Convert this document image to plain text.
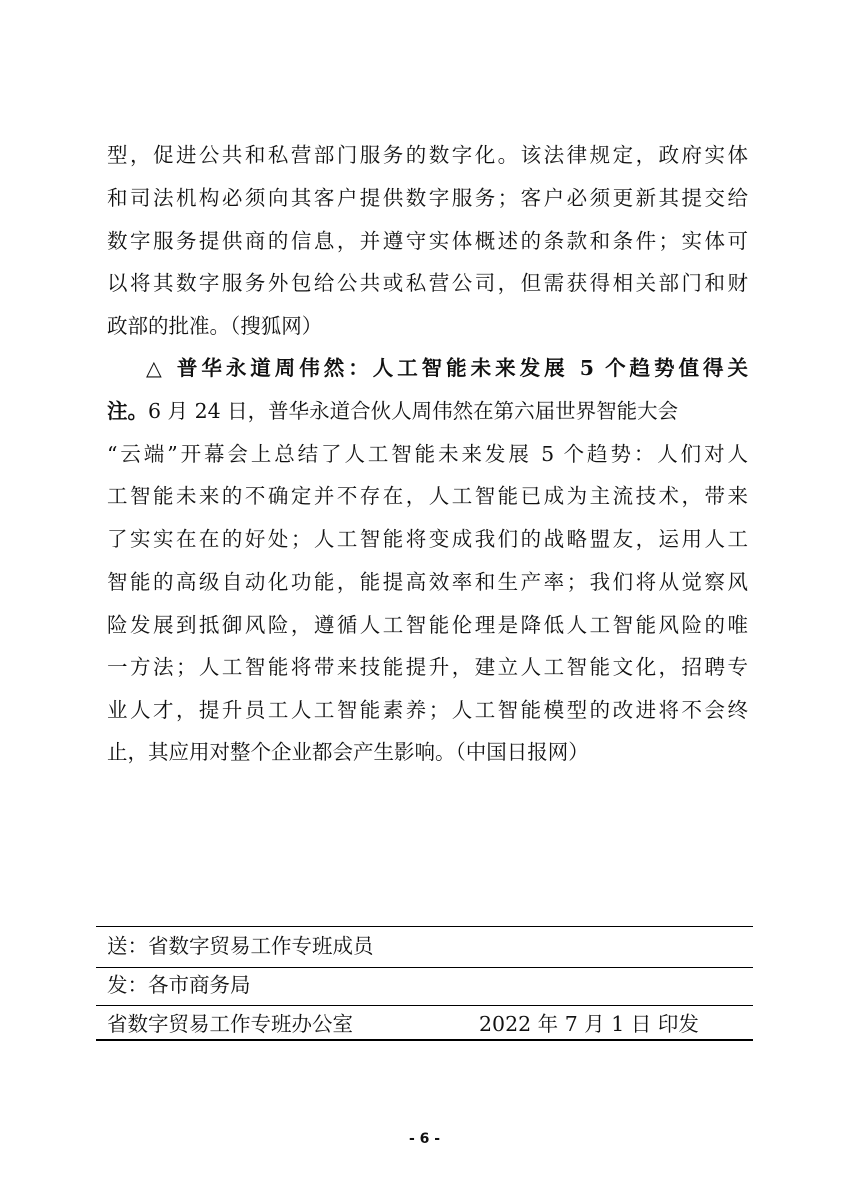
型，促进公共和私营部门服务的数字化。该法律规定，政府实体

和司法机构必须向其客户提供数字服务；客户必须更新其提交给

数字服务提供商的信息，并遵守实体概述的条款和条件；实体可

以将其数字服务外包给公共或私营公司，但需获得相关部门和财

政部的批准。（搜狐网）

△ 普华永道周伟然：人工智能未来发展 5 个趋势值得关

注。6 月 24 日，普华永道合伙人周伟然在第六届世界智能大会

“云端”开幕会上总结了人工智能未来发展 5 个趋势：人们对人

工智能未来的不确定并不存在，人工智能已成为主流技术，带来

了实实在在的好处；人工智能将变成我们的战略盟友，运用人工

智能的高级自动化功能，能提高效率和生产率；我们将从觉察风

险发展到抵御风险，遵循人工智能伦理是降低人工智能风险的唯

一方法；人工智能将带来技能提升，建立人工智能文化，招聘专

业人才，提升员工人工智能素养；人工智能模型的改进将不会终

止，其应用对整个企业都会产生影响。（中国日报网）

送：省数字贸易工作专班成员
发：各市商务局
省数字贸易工作专班办公室	2022 年 7 月 1 日 印发
- 6 -
